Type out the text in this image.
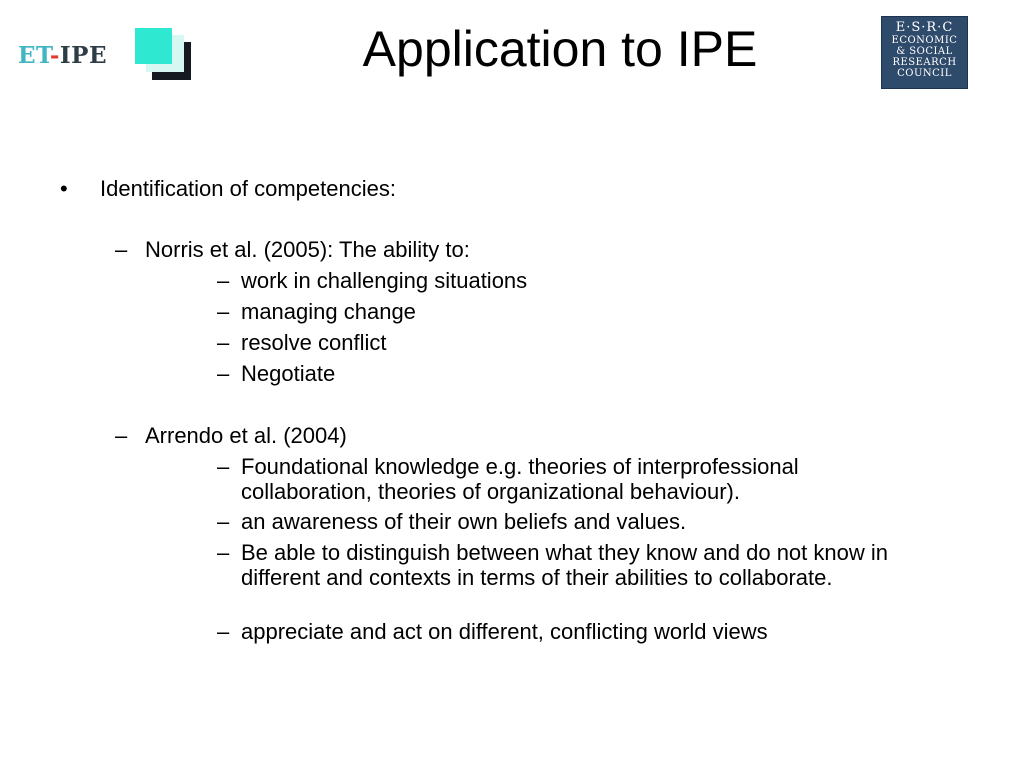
ET-IPE	Application to IPE	E·S·R·C
ECONOMIC
& SOCIAL
RESEARCH
COUNCIL
• Identification of competencies:
– Norris et al. (2005): The ability to:
– work in challenging situations
– managing change
– resolve conflict
– Negotiate
– Arrendo et al. (2004)
– Foundational knowledge e.g. theories of interprofessional collaboration, theories of organizational behaviour).
– an awareness of their own beliefs and values.
– Be able to distinguish between what they know and do not know in different and contexts in terms of their abilities to collaborate.
– appreciate and act on different, conflicting world views
